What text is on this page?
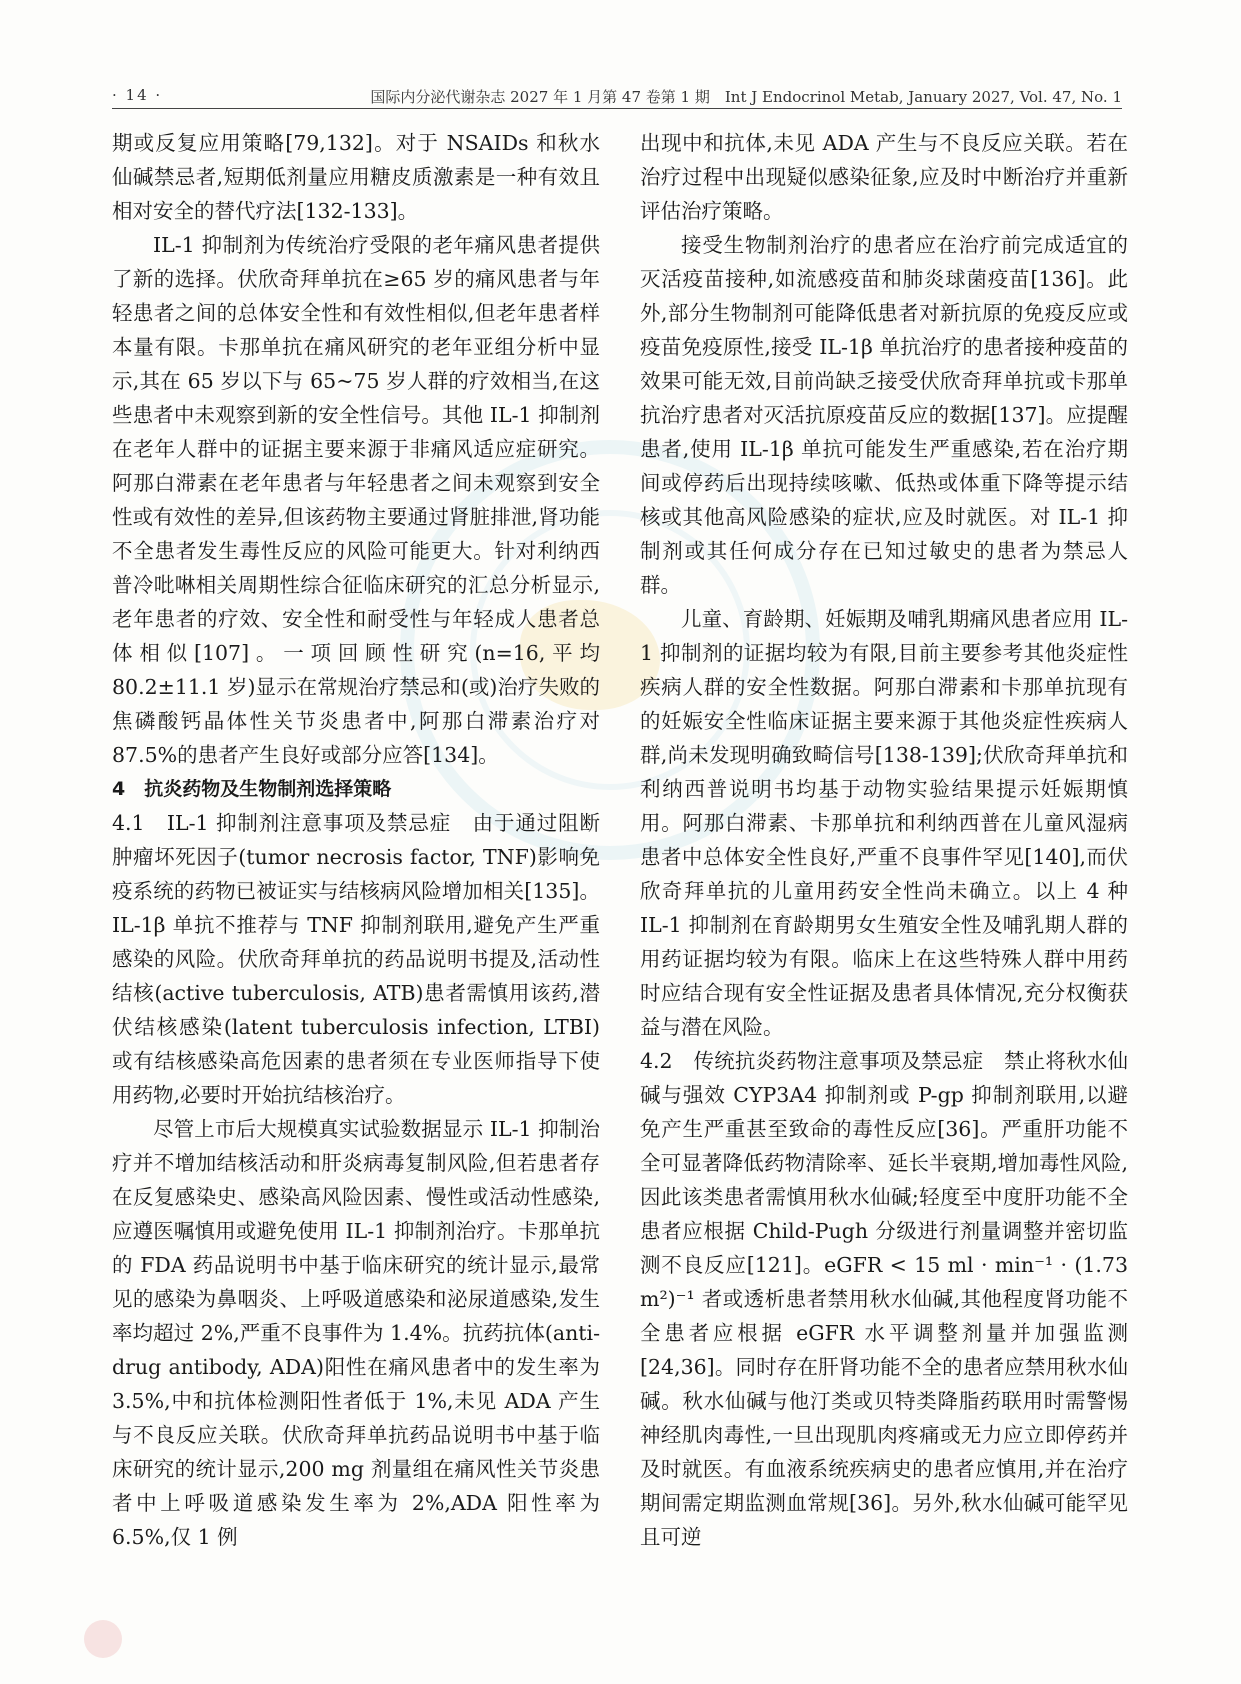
· 14 ·	国际内分泌代谢杂志 2027 年 1 月第 47 卷第 1 期　Int J Endocrinol Metab, January 2027, Vol. 47, No. 1

期或反复应用策略[79,132]。对于 NSAIDs 和秋水仙碱禁忌者,短期低剂量应用糖皮质激素是一种有效且相对安全的替代疗法[132-133]。

IL-1 抑制剂为传统治疗受限的老年痛风患者提供了新的选择。伏欣奇拜单抗在≥65 岁的痛风患者与年轻患者之间的总体安全性和有效性相似,但老年患者样本量有限。卡那单抗在痛风研究的老年亚组分析中显示,其在 65 岁以下与 65~75 岁人群的疗效相当,在这些患者中未观察到新的安全性信号。其他 IL-1 抑制剂在老年人群中的证据主要来源于非痛风适应症研究。阿那白滞素在老年患者与年轻患者之间未观察到安全性或有效性的差异,但该药物主要通过肾脏排泄,肾功能不全患者发生毒性反应的风险可能更大。针对利纳西普冷吡啉相关周期性综合征临床研究的汇总分析显示,老年患者的疗效、安全性和耐受性与年轻成人患者总体相似[107]。一项回顾性研究(n=16,平均 80.2±11.1 岁)显示在常规治疗禁忌和(或)治疗失败的焦磷酸钙晶体性关节炎患者中,阿那白滞素治疗对 87.5%的患者产生良好或部分应答[134]。

4　抗炎药物及生物制剂选择策略

4.1　IL-1 抑制剂注意事项及禁忌症　由于通过阻断肿瘤坏死因子(tumor necrosis factor, TNF)影响免疫系统的药物已被证实与结核病风险增加相关[135]。IL-1β 单抗不推荐与 TNF 抑制剂联用,避免产生严重感染的风险。伏欣奇拜单抗的药品说明书提及,活动性结核(active tuberculosis, ATB)患者需慎用该药,潜伏结核感染(latent tuberculosis infection, LTBI)或有结核感染高危因素的患者须在专业医师指导下使用药物,必要时开始抗结核治疗。

尽管上市后大规模真实试验数据显示 IL-1 抑制治疗并不增加结核活动和肝炎病毒复制风险,但若患者存在反复感染史、感染高风险因素、慢性或活动性感染,应遵医嘱慎用或避免使用 IL-1 抑制剂治疗。卡那单抗的 FDA 药品说明书中基于临床研究的统计显示,最常见的感染为鼻咽炎、上呼吸道感染和泌尿道感染,发生率均超过 2%,严重不良事件为 1.4%。抗药抗体(anti-drug antibody, ADA)阳性在痛风患者中的发生率为 3.5%,中和抗体检测阳性者低于 1%,未见 ADA 产生与不良反应关联。伏欣奇拜单抗药品说明书中基于临床研究的统计显示,200 mg 剂量组在痛风性关节炎患者中上呼吸道感染发生率为 2%,ADA 阳性率为 6.5%,仅 1 例

出现中和抗体,未见 ADA 产生与不良反应关联。若在治疗过程中出现疑似感染征象,应及时中断治疗并重新评估治疗策略。

接受生物制剂治疗的患者应在治疗前完成适宜的灭活疫苗接种,如流感疫苗和肺炎球菌疫苗[136]。此外,部分生物制剂可能降低患者对新抗原的免疫反应或疫苗免疫原性,接受 IL-1β 单抗治疗的患者接种疫苗的效果可能无效,目前尚缺乏接受伏欣奇拜单抗或卡那单抗治疗患者对灭活抗原疫苗反应的数据[137]。应提醒患者,使用 IL-1β 单抗可能发生严重感染,若在治疗期间或停药后出现持续咳嗽、低热或体重下降等提示结核或其他高风险感染的症状,应及时就医。对 IL-1 抑制剂或其任何成分存在已知过敏史的患者为禁忌人群。

儿童、育龄期、妊娠期及哺乳期痛风患者应用 IL-1 抑制剂的证据均较为有限,目前主要参考其他炎症性疾病人群的安全性数据。阿那白滞素和卡那单抗现有的妊娠安全性临床证据主要来源于其他炎症性疾病人群,尚未发现明确致畸信号[138-139];伏欣奇拜单抗和利纳西普说明书均基于动物实验结果提示妊娠期慎用。阿那白滞素、卡那单抗和利纳西普在儿童风湿病患者中总体安全性良好,严重不良事件罕见[140],而伏欣奇拜单抗的儿童用药安全性尚未确立。以上 4 种 IL-1 抑制剂在育龄期男女生殖安全性及哺乳期人群的用药证据均较为有限。临床上在这些特殊人群中用药时应结合现有安全性证据及患者具体情况,充分权衡获益与潜在风险。

4.2　传统抗炎药物注意事项及禁忌症　禁止将秋水仙碱与强效 CYP3A4 抑制剂或 P-gp 抑制剂联用,以避免产生严重甚至致命的毒性反应[36]。严重肝功能不全可显著降低药物清除率、延长半衰期,增加毒性风险,因此该类患者需慎用秋水仙碱;轻度至中度肝功能不全患者应根据 Child-Pugh 分级进行剂量调整并密切监测不良反应[121]。eGFR < 15 ml · min⁻¹ · (1.73 m²)⁻¹ 者或透析患者禁用秋水仙碱,其他程度肾功能不全患者应根据 eGFR 水平调整剂量并加强监测[24,36]。同时存在肝肾功能不全的患者应禁用秋水仙碱。秋水仙碱与他汀类或贝特类降脂药联用时需警惕神经肌肉毒性,一旦出现肌肉疼痛或无力应立即停药并及时就医。有血液系统疾病史的患者应慎用,并在治疗期间需定期监测血常规[36]。另外,秋水仙碱可能罕见且可逆
